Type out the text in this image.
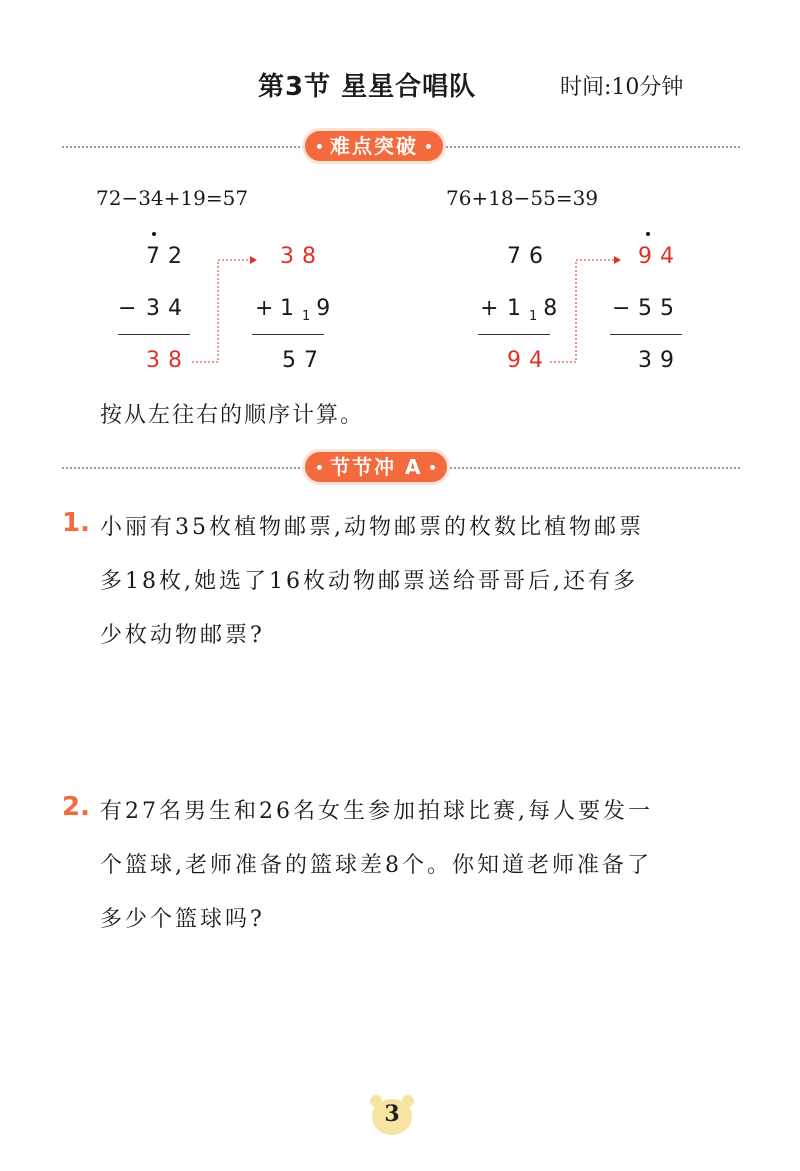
第3节 星星合唱队	时间:10分钟
难点突破
72−34+19=57
72
− 34
38
38
+
$1_1$ 9
57
76+18−55=39
76
+ $1_1$ 8
94
94
− 55
39
按从左往右的顺序计算。
节节冲 A
1. 小丽有35枚植物邮票,动物邮票的枚数比植物邮票
多18枚,她选了16枚动物邮票送给哥哥后,还有多
少枚动物邮票?
2. 有27名男生和26名女生参加拍球比赛,每人要发一
个篮球,老师准备的篮球差8个。你知道老师准备了
多少个篮球吗?
3
